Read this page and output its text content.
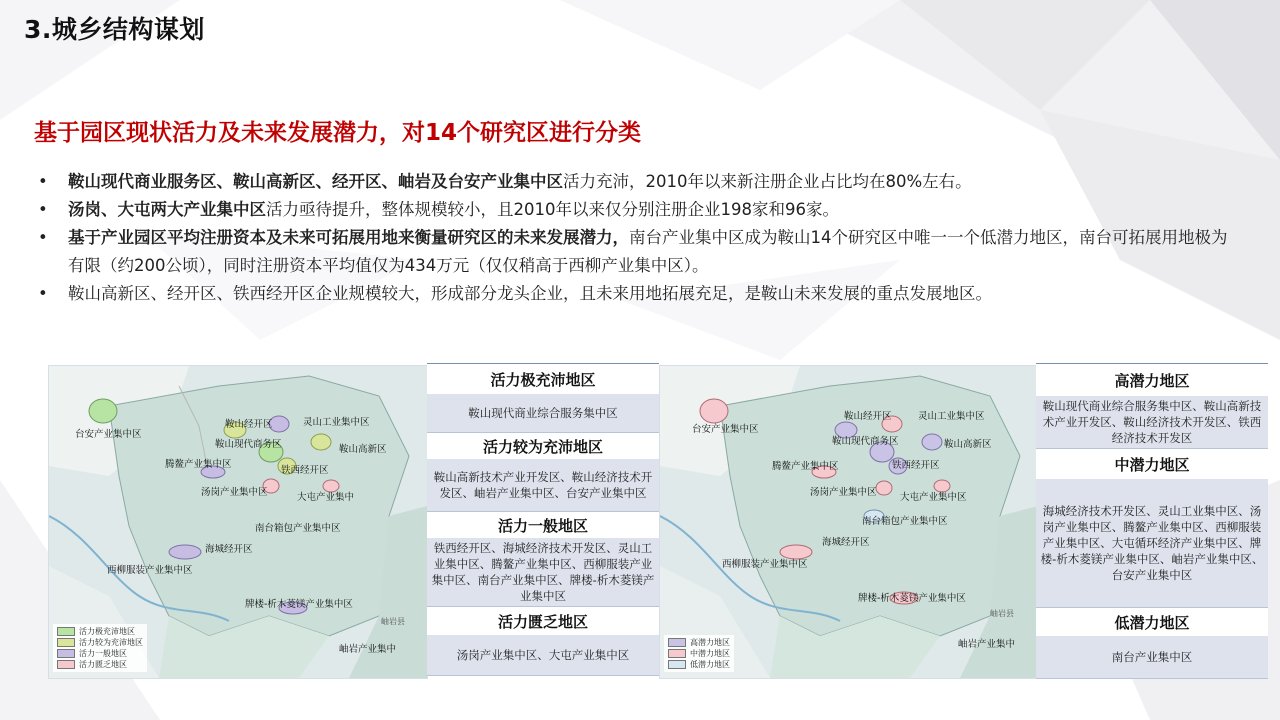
3.城乡结构谋划
基于园区现状活力及未来发展潜力，对14个研究区进行分类
• 鞍山现代商业服务区、鞍山高新区、经开区、岫岩及台安产业集中区活力充沛，2010年以来新注册企业占比均在80%左右。
• 汤岗、大屯两大产业集中区活力亟待提升，整体规模较小，且2010年以来仅分别注册企业198家和96家。
• 基于产业园区平均注册资本及未来可拓展用地来衡量研究区的未来发展潜力，南台产业集中区成为鞍山14个研究区中唯一一个低潜力地区，南台可拓展用地极为有限（约200公顷），同时注册资本平均值仅为434万元（仅仅稍高于西柳产业集中区）。
• 鞍山高新区、经开区、铁西经开区企业规模较大，形成部分龙头企业，且未来用地拓展充足，是鞍山未来发展的重点发展地区。
台安产业集中区
鞍山经开区	灵山工业集中区
鞍山现代商务区	鞍山高新区
腾鳌产业集中区
铁西经开区
汤岗产业集中区	大屯产业集中
南台箱包产业集中区
海城经开区
西柳服装产业集中区
牌楼-析木菱镁产业集中区
岫岩产业集中
岫岩县
活力极充沛地区
活力较为充沛地区
活力一般地区
活力匮乏地区
活力极充沛地区
鞍山现代商业综合服务集中区
活力较为充沛地区
鞍山高新技术产业开发区、鞍山经济技术开发区、岫岩产业集中区、台安产业集中区
活力一般地区
铁西经开区、海城经济技术开发区、灵山工业集中区、腾鳌产业集中区、西柳服装产业集中区、南台产业集中区、牌楼-析木菱镁产业集中区
活力匮乏地区
汤岗产业集中区、大屯产业集中区
台安产业集中区
鞍山经开区	灵山工业集中区
鞍山现代商务区	鞍山高新区
腾鳌产业集中区	铁西经开区
汤岗产业集中区 大屯产业集中区
南台箱包产业集中区
海城经开区
西柳服装产业集中区
牌楼-析木菱镁产业集中区
岫岩产业集中
岫岩县
高潜力地区
中潜力地区
低潜力地区
高潜力地区
鞍山现代商业综合服务集中区、鞍山高新技术产业开发区、鞍山经济技术开发区、铁西经济技术开发区
中潜力地区
海城经济技术开发区、灵山工业集中区、汤岗产业集中区、腾鳌产业集中区、西柳服装产业集中区、大屯循环经济产业集中区、牌楼-析木菱镁产业集中区、岫岩产业集中区、台安产业集中区
低潜力地区
南台产业集中区
